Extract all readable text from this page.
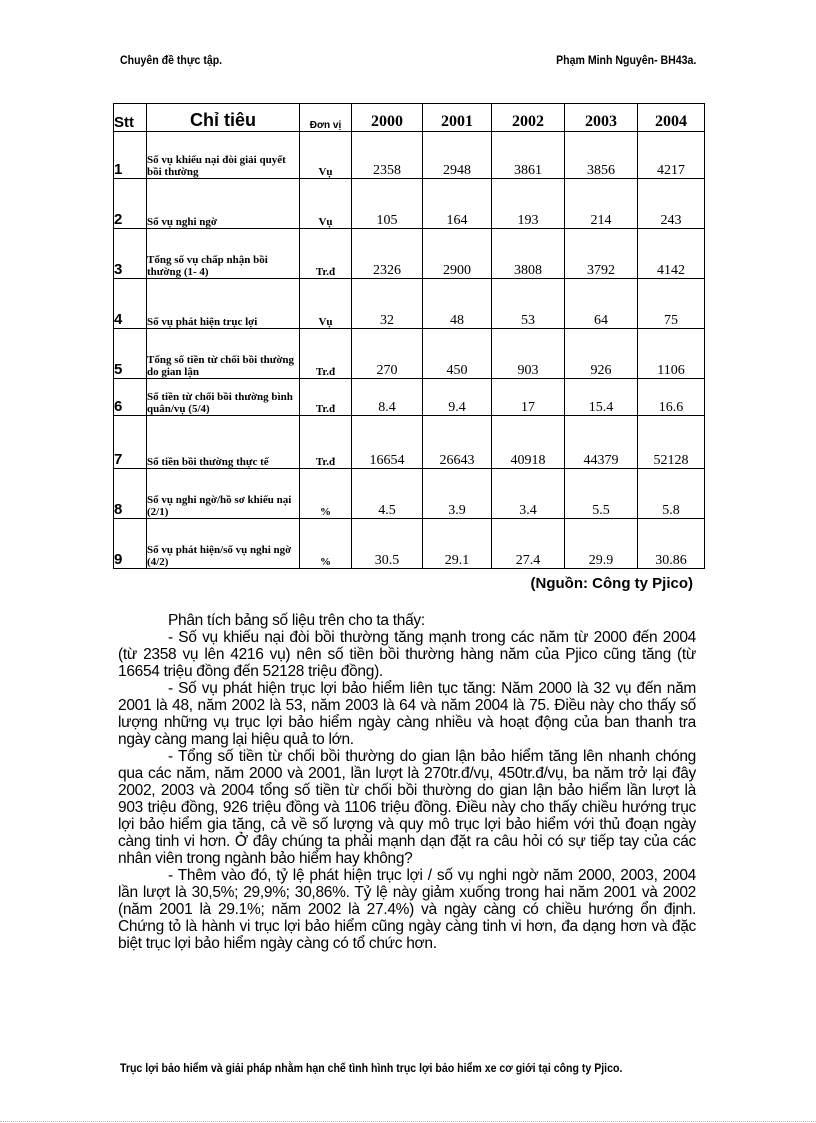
Chuyên đề thực tập.	Phạm Minh Nguyên- BH43a.
Stt	Chỉ tiêu	Đơn vị	2000	2001	2002	2003	2004
1	Số vụ khiếu nại đòi giải quyết bồi thường	Vụ	2358	2948	3861	3856	4217
2	Số vụ nghi ngờ	Vụ	105	164	193	214	243
3	Tổng số vụ chấp nhận bồi thường (1- 4)	Tr.đ	2326	2900	3808	3792	4142
4	Số vụ phát hiện trục lợi	Vụ	32	48	53	64	75
5	Tổng số tiền từ chối bồi thường do gian lận	Tr.đ	270	450	903	926	1106
6	Số tiền từ chối bồi thường bình quân/vụ (5/4)	Tr.đ	8.4	9.4	17	15.4	16.6
7	Số tiền bồi thường thực tế	Tr.đ	16654	26643	40918	44379	52128
8	Số vụ nghi ngờ/hồ sơ khiếu nại (2/1)	%	4.5	3.9	3.4	5.5	5.8
9	Số vụ phát hiện/số vụ nghi ngờ (4/2)	%	30.5	29.1	27.4	29.9	30.86
(Nguồn: Công ty Pjico)

Phân tích bảng số liệu trên cho ta thấy:

- Số vụ khiếu nại đòi bồi thường tăng mạnh trong các năm từ 2000 đến 2004 (từ 2358 vụ lên 4216 vụ) nên số tiền bồi thường hàng năm của Pjico cũng tăng (từ 16654 triệu đồng đến 52128 triệu đồng).

- Số vụ phát hiện trục lợi bảo hiểm liên tục tăng: Năm 2000 là 32 vụ đến năm 2001 là 48, năm 2002 là 53, năm 2003 là 64 và năm 2004 là 75. Điều này cho thấy số lượng những vụ trục lợi bảo hiểm ngày càng nhiều và hoạt động của ban thanh tra ngày càng mang lại hiệu quả to lớn.

- Tổng số tiền từ chối bồi thường do gian lận bảo hiểm tăng lên nhanh chóng qua các năm, năm 2000 và 2001, lần lượt là 270tr.đ/vụ, 450tr.đ/vụ, ba năm trở lại đây 2002, 2003 và 2004 tổng số tiền từ chối bồi thường do gian lận bảo hiểm lần lượt là 903 triệu đồng, 926 triệu đồng và 1106 triệu đồng. Điều này cho thấy chiều hướng trục lợi bảo hiểm gia tăng, cả về số lượng và quy mô trục lợi bảo hiểm với thủ đoạn ngày càng tinh vi hơn. Ở đây chúng ta phải mạnh dạn đặt ra câu hỏi có sự tiếp tay của các nhân viên trong ngành bảo hiểm hay không?

- Thêm vào đó, tỷ lệ phát hiện trục lợi / số vụ nghi ngờ năm 2000, 2003, 2004 lần lượt là 30,5%; 29,9%; 30,86%. Tỷ lệ này giảm xuống trong hai năm 2001 và 2002 (năm 2001 là 29.1%; năm 2002 là 27.4%) và ngày càng có chiều hướng ổn định. Chứng tỏ là hành vi trục lợi bảo hiểm cũng ngày càng tinh vi hơn, đa dạng hơn và đặc biệt trục lợi bảo hiểm ngày càng có tổ chức hơn.

Trục lợi bảo hiểm và giải pháp nhằm hạn chế tình hình trục lợi bảo hiểm xe cơ giới tại công ty Pjico.
